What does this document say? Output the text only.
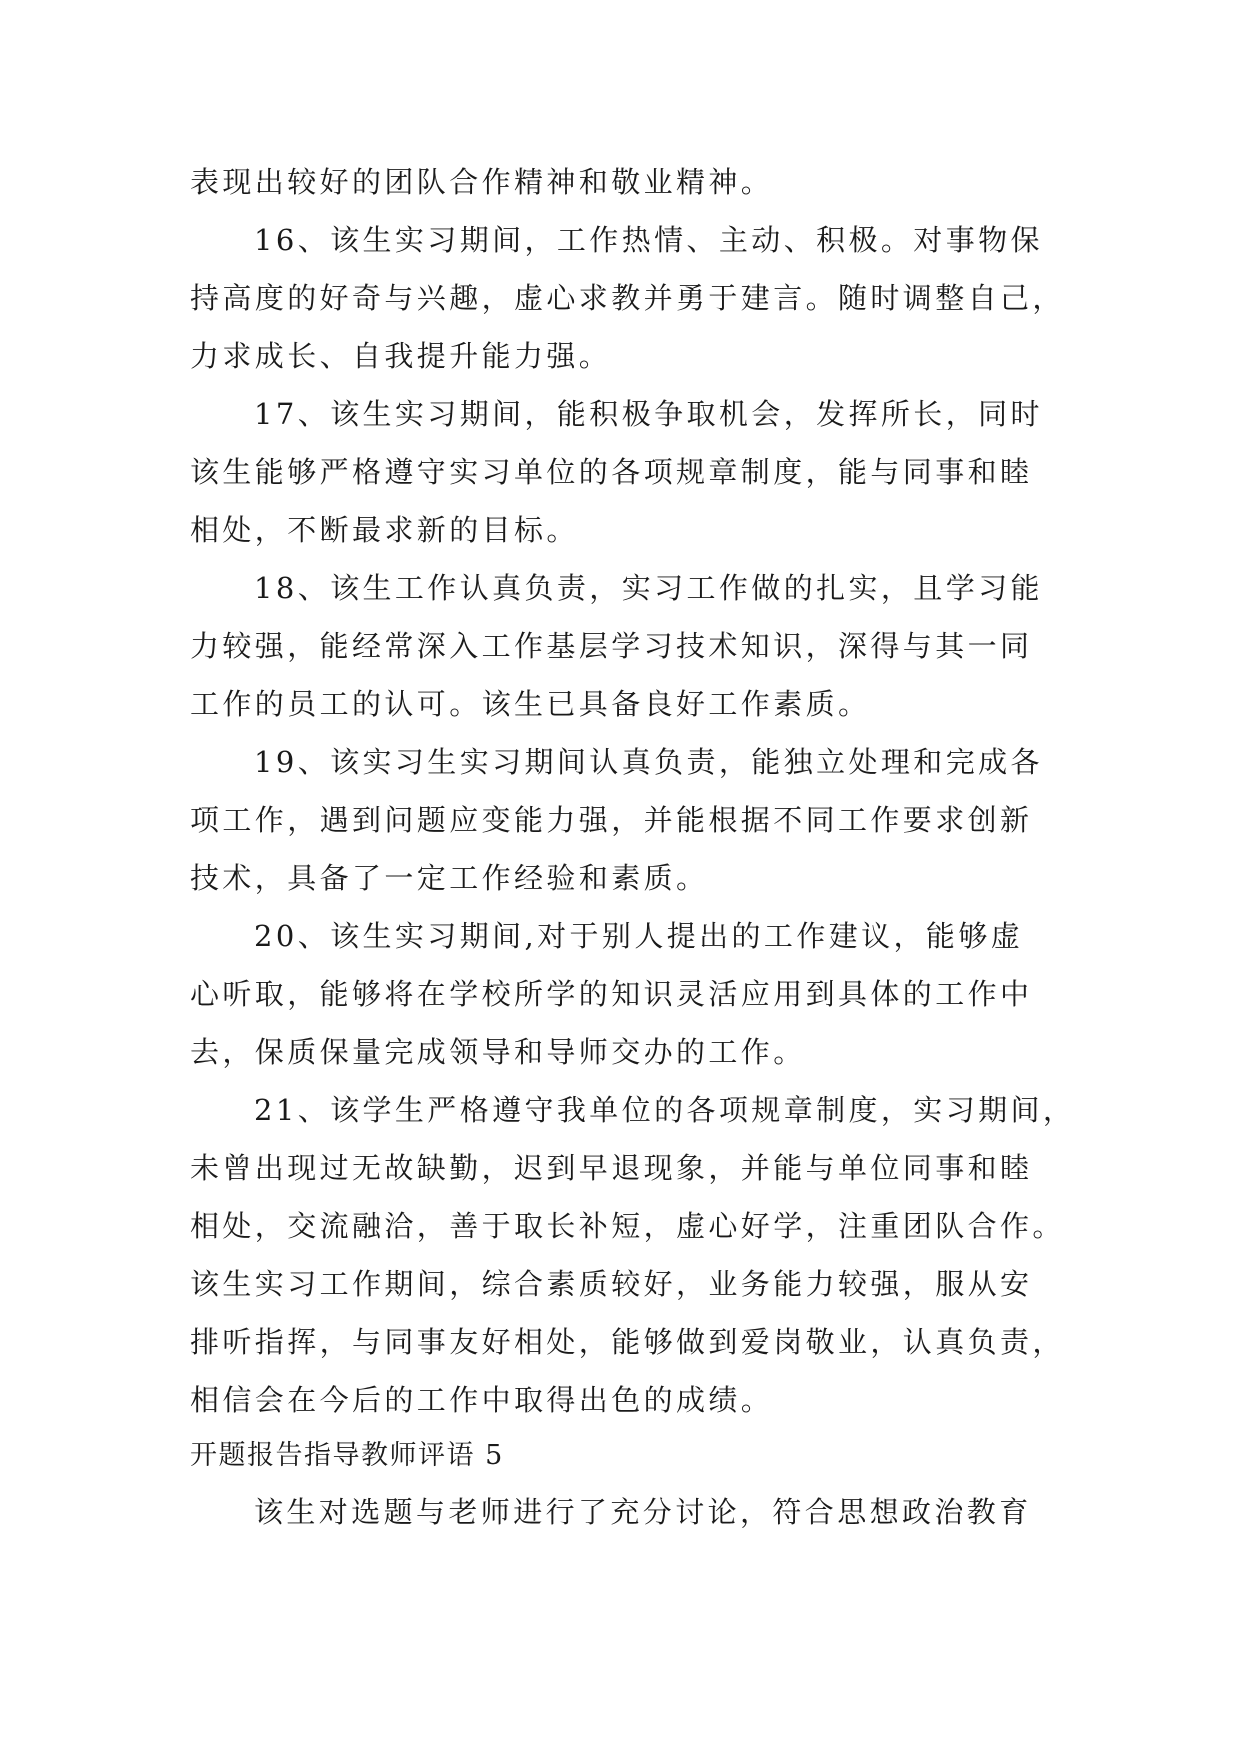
表现出较好的团队合作精神和敬业精神。

16、该生实习期间，工作热情、主动、积极。对事物保
持高度的好奇与兴趣，虚心求教并勇于建言。随时调整自己，
力求成长、自我提升能力强。

17、该生实习期间，能积极争取机会，发挥所长，同时
该生能够严格遵守实习单位的各项规章制度，能与同事和睦
相处，不断最求新的目标。

18、该生工作认真负责，实习工作做的扎实，且学习能
力较强，能经常深入工作基层学习技术知识，深得与其一同
工作的员工的认可。该生已具备良好工作素质。

19、该实习生实习期间认真负责，能独立处理和完成各
项工作，遇到问题应变能力强，并能根据不同工作要求创新
技术，具备了一定工作经验和素质。

20、该生实习期间,对于别人提出的工作建议，能够虚
心听取，能够将在学校所学的知识灵活应用到具体的工作中
去，保质保量完成领导和导师交办的工作。

21、该学生严格遵守我单位的各项规章制度，实习期间，
未曾出现过无故缺勤，迟到早退现象，并能与单位同事和睦
相处，交流融洽，善于取长补短，虚心好学，注重团队合作。
该生实习工作期间，综合素质较好，业务能力较强，服从安
排听指挥，与同事友好相处，能够做到爱岗敬业，认真负责，
相信会在今后的工作中取得出色的成绩。

开题报告指导教师评语 5

该生对选题与老师进行了充分讨论，符合思想政治教育
